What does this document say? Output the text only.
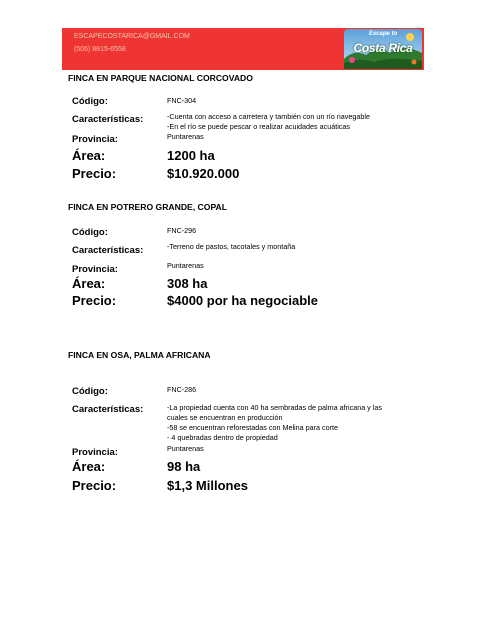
ESCAPECOSTARICA@GMAIL.COM
(506) 8815-6558
Escape to
Costa Rica
FINCA EN PARQUE NACIONAL CORCOVADO
Código:	FNC-304
Características:	-Cuenta con acceso a carretera y también con un río navegable
-En el río se puede pescar o realizar acuidades acuáticas
Provincia:	Puntarenas
Área:	1200 ha
Precio:	$10.920.000
FINCA EN POTRERO GRANDE, COPAL
Código:	FNC-296
Características:	-Terreno de pastos, tacotales y montaña
Provincia:	Puntarenas
Área:	308 ha
Precio:	$4000 por ha negociable
FINCA EN OSA, PALMA AFRICANA
Código:	FNC-286
Características:	-La propiedad cuenta con 40 ha sembradas de palma africana y las
cuales se encuentran en producción
-58 se encuentran reforestadas con Melina para corte
- 4 quebradas dentro de propiedad
Provincia:	Puntarenas
Área:	98 ha
Precio:	$1,3 Millones
